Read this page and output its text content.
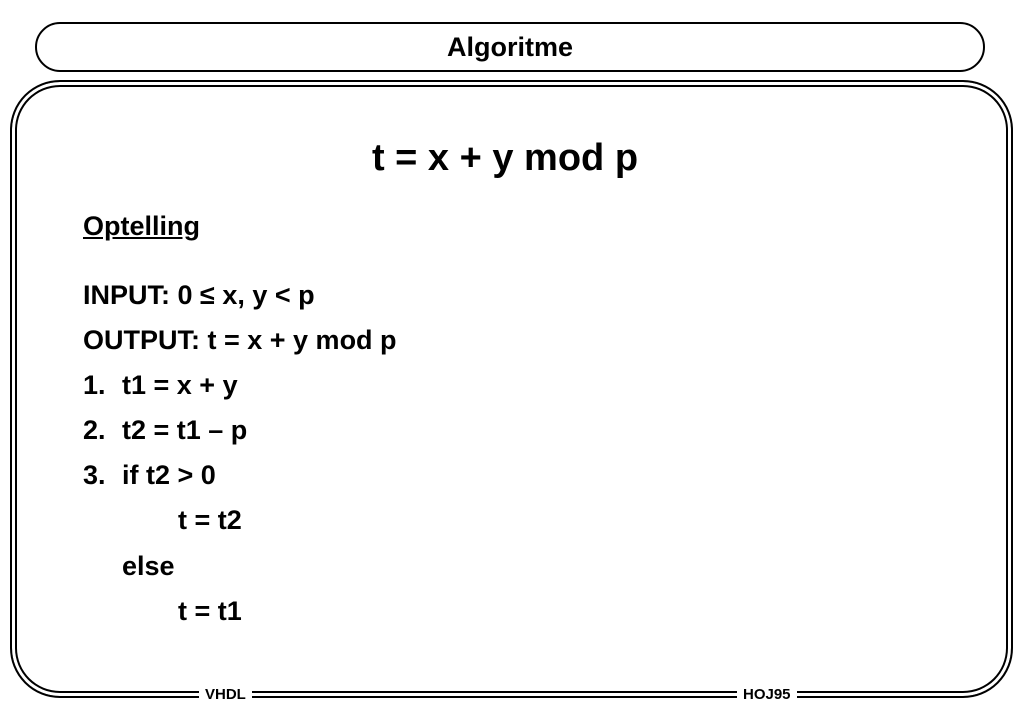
Algoritme
t = x + y mod p
Optelling
INPUT: 0 ≤ x, y < p
OUTPUT: t = x + y mod p
1. t1 = x + y
2. t2 = t1 – p
3. if t2 > 0
t = t2
else
t = t1
VHDL	HOJ95
